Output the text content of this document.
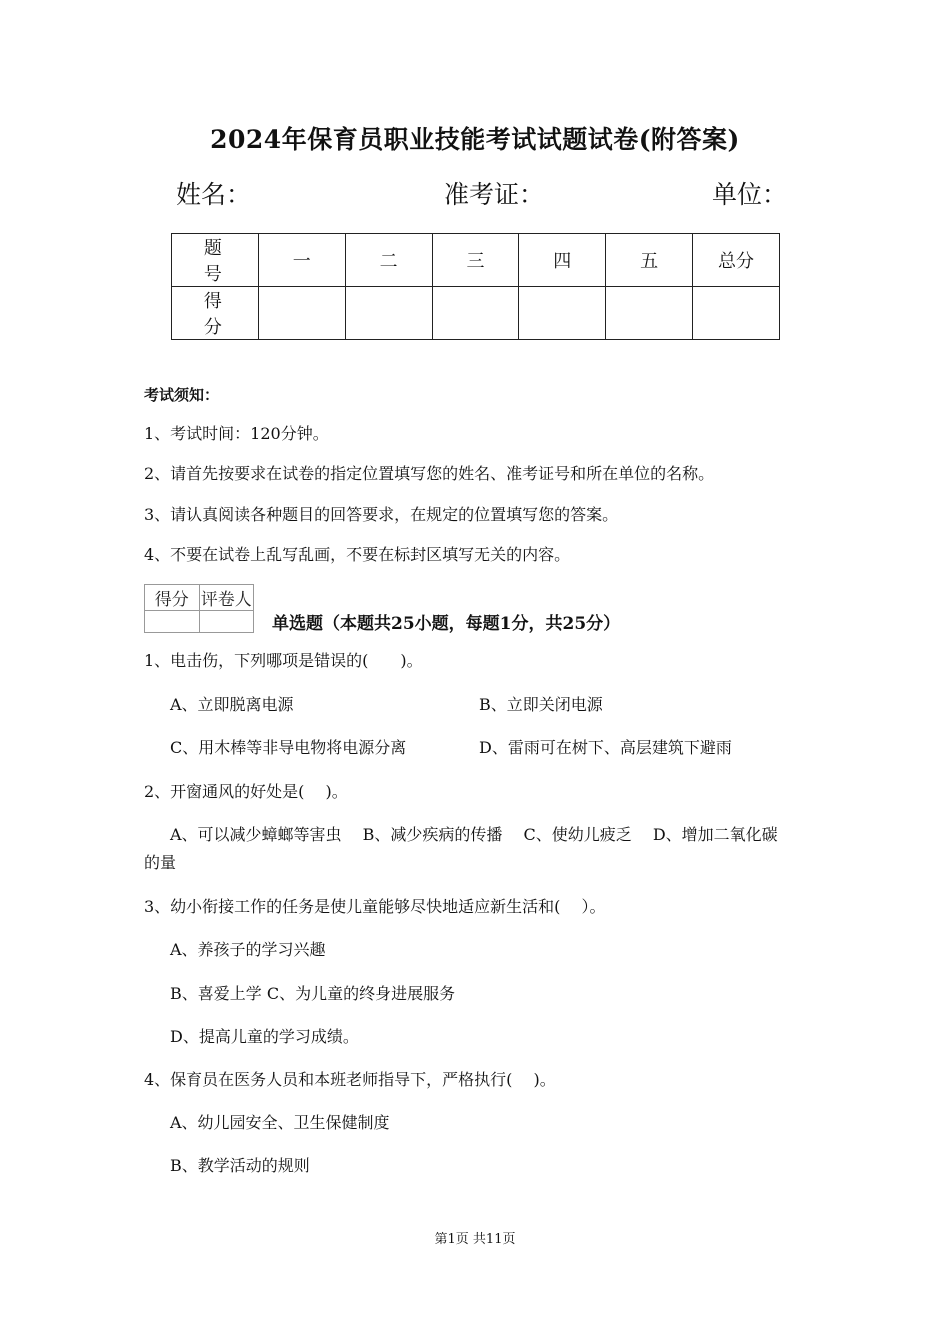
2024年保育员职业技能考试试题试卷(附答案)
姓名：	准考证：	单位：
题　号	一	二	三	四	五	总分
得　分						
考试须知：
1、考试时间：120分钟。
2、请首先按要求在试卷的指定位置填写您的姓名、准考证号和所在单位的名称。
3、请认真阅读各种题目的回答要求，在规定的位置填写您的答案。
4、不要在试卷上乱写乱画，不要在标封区填写无关的内容。
得分	评卷人

单选题（本题共25小题，每题1分，共25分）
1、电击伤，下列哪项是错误的(　　)。
A、立即脱离电源	B、立即关闭电源
C、用木棒等非导电物将电源分离	D、雷雨可在树下、高层建筑下避雨
2、开窗通风的好处是(　 )。
A、可以减少蟑螂等害虫　 B、减少疾病的传播　 C、使幼儿疲乏　 D、增加二氧化碳
的量
3、幼小衔接工作的任务是使儿童能够尽快地适应新生活和(　 ）。
A、养孩子的学习兴趣
B、喜爱上学 C、为儿童的终身进展服务
D、提高儿童的学习成绩。
4、保育员在医务人员和本班老师指导下，严格执行(　 )。
A、幼儿园安全、卫生保健制度
B、教学活动的规则
第1页 共11页
